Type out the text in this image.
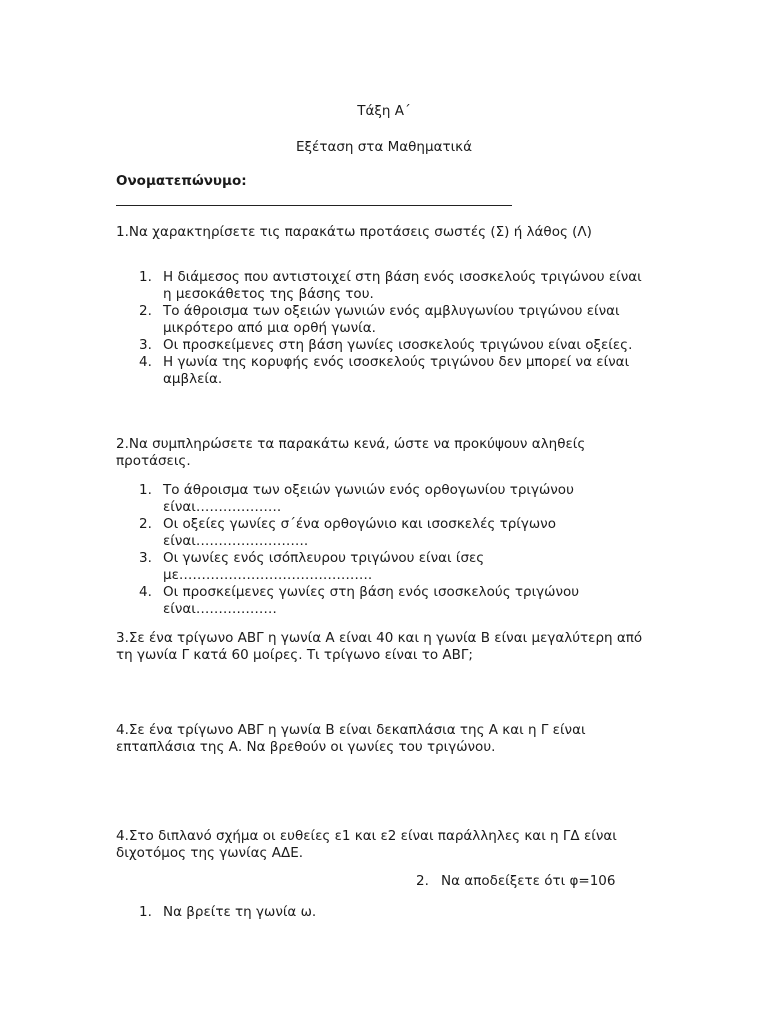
Τάξη Α΄
Εξέταση στα Μαθηματικά
Ονοματεπώνυμο:
1.Να χαρακτηρίσετε τις παρακάτω προτάσεις σωστές (Σ) ή λάθος (Λ)
1. Η διάμεσος που αντιστοιχεί στη βάση ενός ισοσκελούς τριγώνου είναι η μεσοκάθετος της βάσης του.
2. Το άθροισμα των οξειών γωνιών ενός αμβλυγωνίου τριγώνου είναι μικρότερο από μια ορθή γωνία.
3. Οι προσκείμενες στη βάση γωνίες ισοσκελούς τριγώνου είναι οξείες.
4. Η γωνία της κορυφής ενός ισοσκελούς τριγώνου δεν μπορεί να είναι αμβλεία.
2.Να συμπληρώσετε τα παρακάτω κενά, ώστε να προκύψουν αληθείς προτάσεις.
1. Το άθροισμα των οξειών γωνιών ενός ορθογωνίου τριγώνου είναι……………….
2. Οι οξείες γωνίες σ΄ένα ορθογώνιο και ισοσκελές τρίγωνο είναι…………………….
3. Οι γωνίες ενός ισόπλευρου τριγώνου είναι ίσες με…………………………………….
4. Οι προσκείμενες γωνίες στη βάση ενός ισοσκελούς τριγώνου είναι………………
3.Σε ένα τρίγωνο ΑΒΓ η γωνία Α είναι 40 και η γωνία Β είναι μεγαλύτερη από τη γωνία Γ κατά 60 μοίρες. Τι τρίγωνο είναι το ΑΒΓ;
4.Σε ένα τρίγωνο ΑΒΓ η γωνία Β είναι δεκαπλάσια της Α και η Γ είναι επταπλάσια της Α. Να βρεθούν οι γωνίες του τριγώνου.
4.Στο διπλανό σχήμα οι ευθείες ε1 και ε2 είναι παράλληλες και η ΓΔ είναι διχοτόμος της γωνίας ΑΔΕ.
2. Να αποδείξετε ότι φ=106
1. Να βρείτε τη γωνία ω.
